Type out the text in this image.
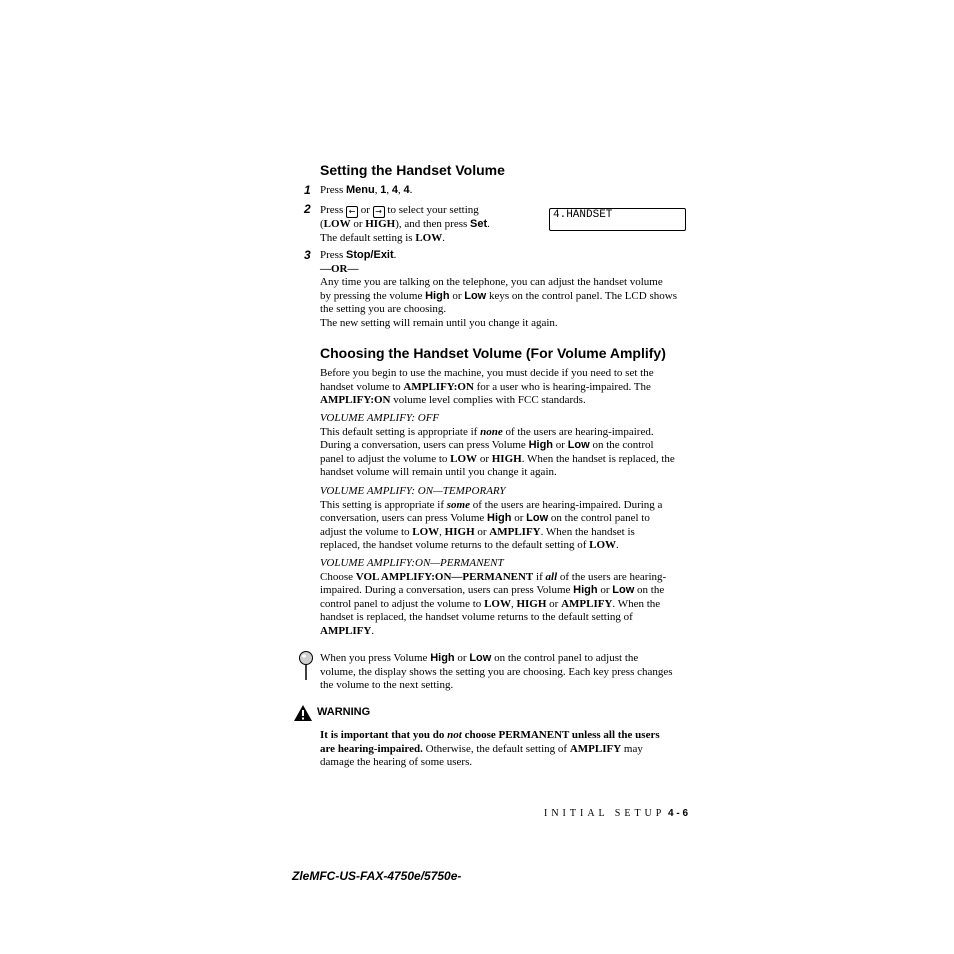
Setting the Handset Volume
1 Press Menu, 1, 4, 4.
2 Press ← or → to select your setting
(LOW or HIGH), and then press Set.
The default setting is LOW.
4.HANDSET
3 Press Stop/Exit.
—OR—
Any time you are talking on the telephone, you can adjust the handset volume
by pressing the volume High or Low keys on the control panel. The LCD shows
the setting you are choosing.
The new setting will remain until you change it again.
Choosing the Handset Volume (For Volume Amplify)
Before you begin to use the machine, you must decide if you need to set the
handset volume to AMPLIFY:ON for a user who is hearing-impaired. The
AMPLIFY:ON volume level complies with FCC standards.
VOLUME AMPLIFY: OFF
This default setting is appropriate if none of the users are hearing-impaired.
During a conversation, users can press Volume High or Low on the control
panel to adjust the volume to LOW or HIGH. When the handset is replaced, the
handset volume will remain until you change it again.
VOLUME AMPLIFY: ON—TEMPORARY
This setting is appropriate if some of the users are hearing-impaired. During a
conversation, users can press Volume High or Low on the control panel to
adjust the volume to LOW, HIGH or AMPLIFY. When the handset is
replaced, the handset volume returns to the default setting of LOW.
VOLUME AMPLIFY:ON—PERMANENT
Choose VOL AMPLIFY:ON—PERMANENT if all of the users are hearing-
impaired. During a conversation, users can press Volume High or Low on the
control panel to adjust the volume to LOW, HIGH or AMPLIFY. When the
handset is replaced, the handset volume returns to the default setting of
AMPLIFY.
When you press Volume High or Low on the control panel to adjust the
volume, the display shows the setting you are choosing. Each key press changes
the volume to the next setting.
WARNING
It is important that you do not choose PERMANENT unless all the users
are hearing-impaired. Otherwise, the default setting of AMPLIFY may
damage the hearing of some users.
INITIAL SETUP 4 - 6
ZleMFC-US-FAX-4750e/5750e-
